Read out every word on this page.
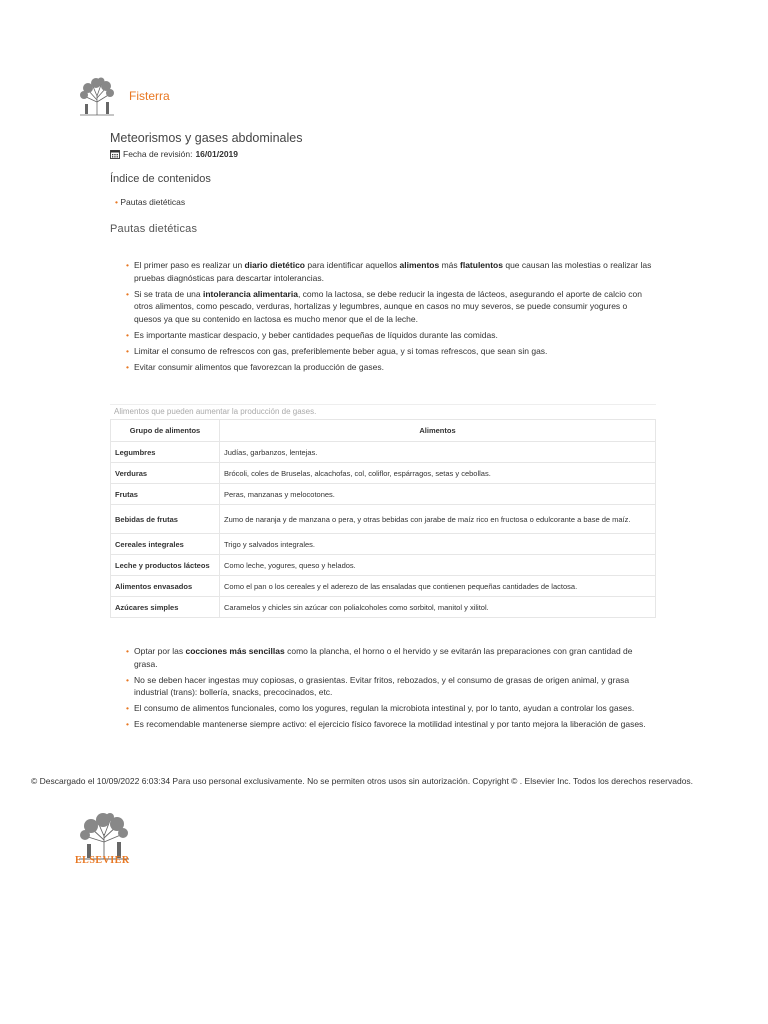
Fisterra
Meteorismos y gases abdominales
Fecha de revisión: 16/01/2019
Índice de contenidos
• Pautas dietéticas
Pautas dietéticas
• El primer paso es realizar un diario dietético para identificar aquellos alimentos más flatulentos que causan las molestias o realizar las pruebas diagnósticas para descartar intolerancias.
• Si se trata de una intolerancia alimentaria, como la lactosa, se debe reducir la ingesta de lácteos, asegurando el aporte de calcio con otros alimentos, como pescado, verduras, hortalizas y legumbres, aunque en casos no muy severos, se puede consumir yogures o quesos ya que su contenido en lactosa es mucho menor que el de la leche.
• Es importante masticar despacio, y beber cantidades pequeñas de líquidos durante las comidas.
• Limitar el consumo de refrescos con gas, preferiblemente beber agua, y si tomas refrescos, que sean sin gas.
• Evitar consumir alimentos que favorezcan la producción de gases.
Alimentos que pueden aumentar la producción de gases.
Grupo de alimentos	Alimentos
Legumbres	Judías, garbanzos, lentejas.
Verduras	Brócoli, coles de Bruselas, alcachofas, col, coliflor, espárragos, setas y cebollas.
Frutas	Peras, manzanas y melocotones.
Bebidas de frutas	Zumo de naranja y de manzana o pera, y otras bebidas con jarabe de maíz rico en fructosa o edulcorante a base de maíz.
Cereales integrales	Trigo y salvados integrales.
Leche y productos lácteos	Como leche, yogures, queso y helados.
Alimentos envasados	Como el pan o los cereales y el aderezo de las ensaladas que contienen pequeñas cantidades de lactosa.
Azúcares simples	Caramelos y chicles sin azúcar con polialcoholes como sorbitol, manitol y xilitol.
• Optar por las cocciones más sencillas como la plancha, el horno o el hervido y se evitarán las preparaciones con gran cantidad de grasa.
• No se deben hacer ingestas muy copiosas, o grasientas. Evitar fritos, rebozados, y el consumo de grasas de origen animal, y grasa industrial (trans): bollería, snacks, precocinados, etc.
• El consumo de alimentos funcionales, como los yogures, regulan la microbiota intestinal y, por lo tanto, ayudan a controlar los gases.
• Es recomendable mantenerse siempre activo: el ejercicio físico favorece la motilidad intestinal y por tanto mejora la liberación de gases.
© Descargado el 10/09/2022 6:03:34 Para uso personal exclusivamente. No se permiten otros usos sin autorización. Copyright © . Elsevier Inc. Todos los derechos reservados.
ELSEVIER
